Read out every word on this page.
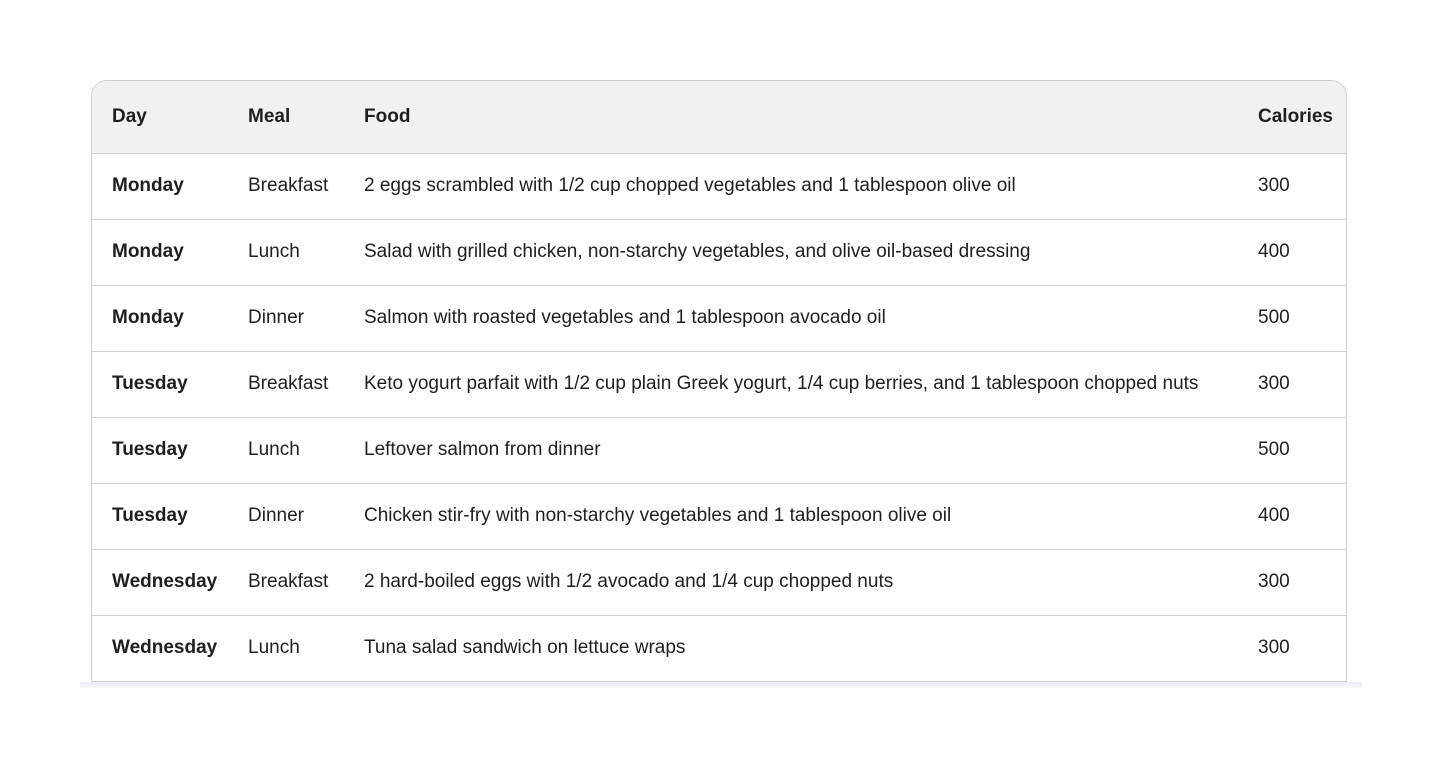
Day	Meal	Food	Calories
Monday	Breakfast	2 eggs scrambled with 1/2 cup chopped vegetables and 1 tablespoon olive oil	300
Monday	Lunch	Salad with grilled chicken, non-starchy vegetables, and olive oil-based dressing	400
Monday	Dinner	Salmon with roasted vegetables and 1 tablespoon avocado oil	500
Tuesday	Breakfast	Keto yogurt parfait with 1/2 cup plain Greek yogurt, 1/4 cup berries, and 1 tablespoon chopped nuts	300
Tuesday	Lunch	Leftover salmon from dinner	500
Tuesday	Dinner	Chicken stir-fry with non-starchy vegetables and 1 tablespoon olive oil	400
Wednesday	Breakfast	2 hard-boiled eggs with 1/2 avocado and 1/4 cup chopped nuts	300
Wednesday	Lunch	Tuna salad sandwich on lettuce wraps	300
